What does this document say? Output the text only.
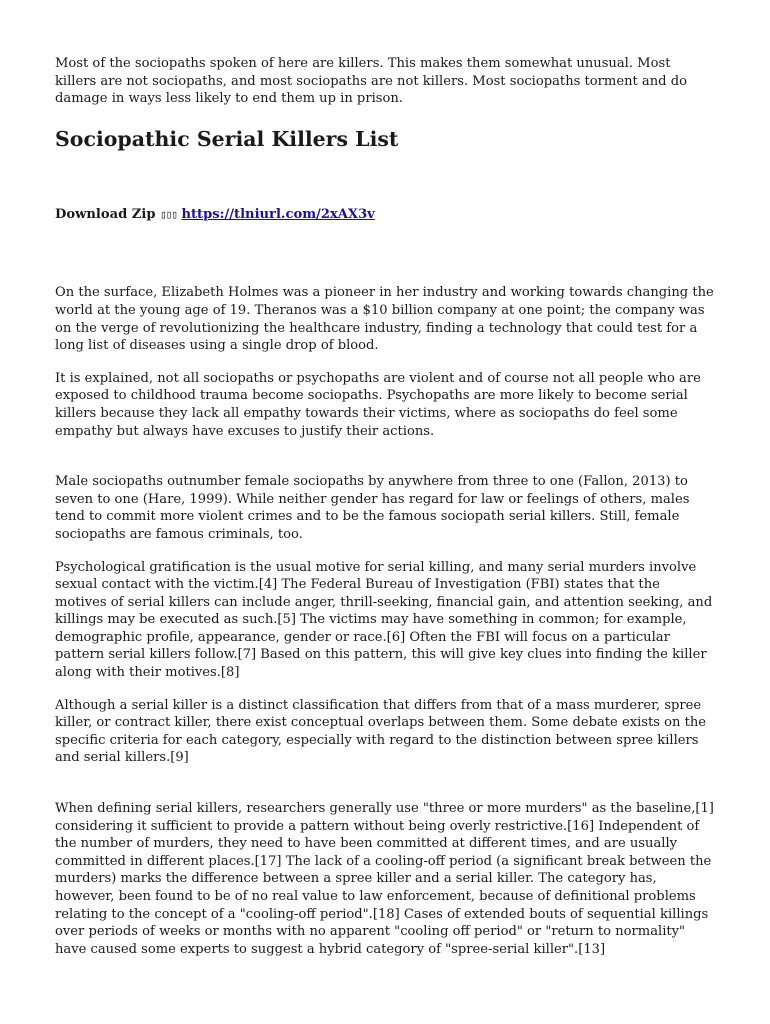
Most of the sociopaths spoken of here are killers. This makes them somewhat unusual. Most killers are not sociopaths, and most sociopaths are not killers. Most sociopaths torment and do damage in ways less likely to end them up in prison.

Sociopathic Serial Killers List
Download Zip ▯▯▯ https://tlniurl.com/2xAX3v

On the surface, Elizabeth Holmes was a pioneer in her industry and working towards changing the world at the young age of 19. Theranos was a $10 billion company at one point; the company was on the verge of revolutionizing the healthcare industry, finding a technology that could test for a long list of diseases using a single drop of blood.

It is explained, not all sociopaths or psychopaths are violent and of course not all people who are exposed to childhood trauma become sociopaths. Psychopaths are more likely to become serial killers because they lack all empathy towards their victims, where as sociopaths do feel some empathy but always have excuses to justify their actions.

Male sociopaths outnumber female sociopaths by anywhere from three to one (Fallon, 2013) to seven to one (Hare, 1999). While neither gender has regard for law or feelings of others, males tend to commit more violent crimes and to be the famous sociopath serial killers. Still, female sociopaths are famous criminals, too.

Psychological gratification is the usual motive for serial killing, and many serial murders involve sexual contact with the victim.[4] The Federal Bureau of Investigation (FBI) states that the motives of serial killers can include anger, thrill-seeking, financial gain, and attention seeking, and killings may be executed as such.[5] The victims may have something in common; for example, demographic profile, appearance, gender or race.[6] Often the FBI will focus on a particular pattern serial killers follow.[7] Based on this pattern, this will give key clues into finding the killer along with their motives.[8]

Although a serial killer is a distinct classification that differs from that of a mass murderer, spree killer, or contract killer, there exist conceptual overlaps between them. Some debate exists on the specific criteria for each category, especially with regard to the distinction between spree killers and serial killers.[9]

When defining serial killers, researchers generally use "three or more murders" as the baseline,[1] considering it sufficient to provide a pattern without being overly restrictive.[16] Independent of the number of murders, they need to have been committed at different times, and are usually committed in different places.[17] The lack of a cooling-off period (a significant break between the murders) marks the difference between a spree killer and a serial killer. The category has, however, been found to be of no real value to law enforcement, because of definitional problems relating to the concept of a "cooling-off period".[18] Cases of extended bouts of sequential killings over periods of weeks or months with no apparent "cooling off period" or "return to normality" have caused some experts to suggest a hybrid category of "spree-serial killer".[13]
